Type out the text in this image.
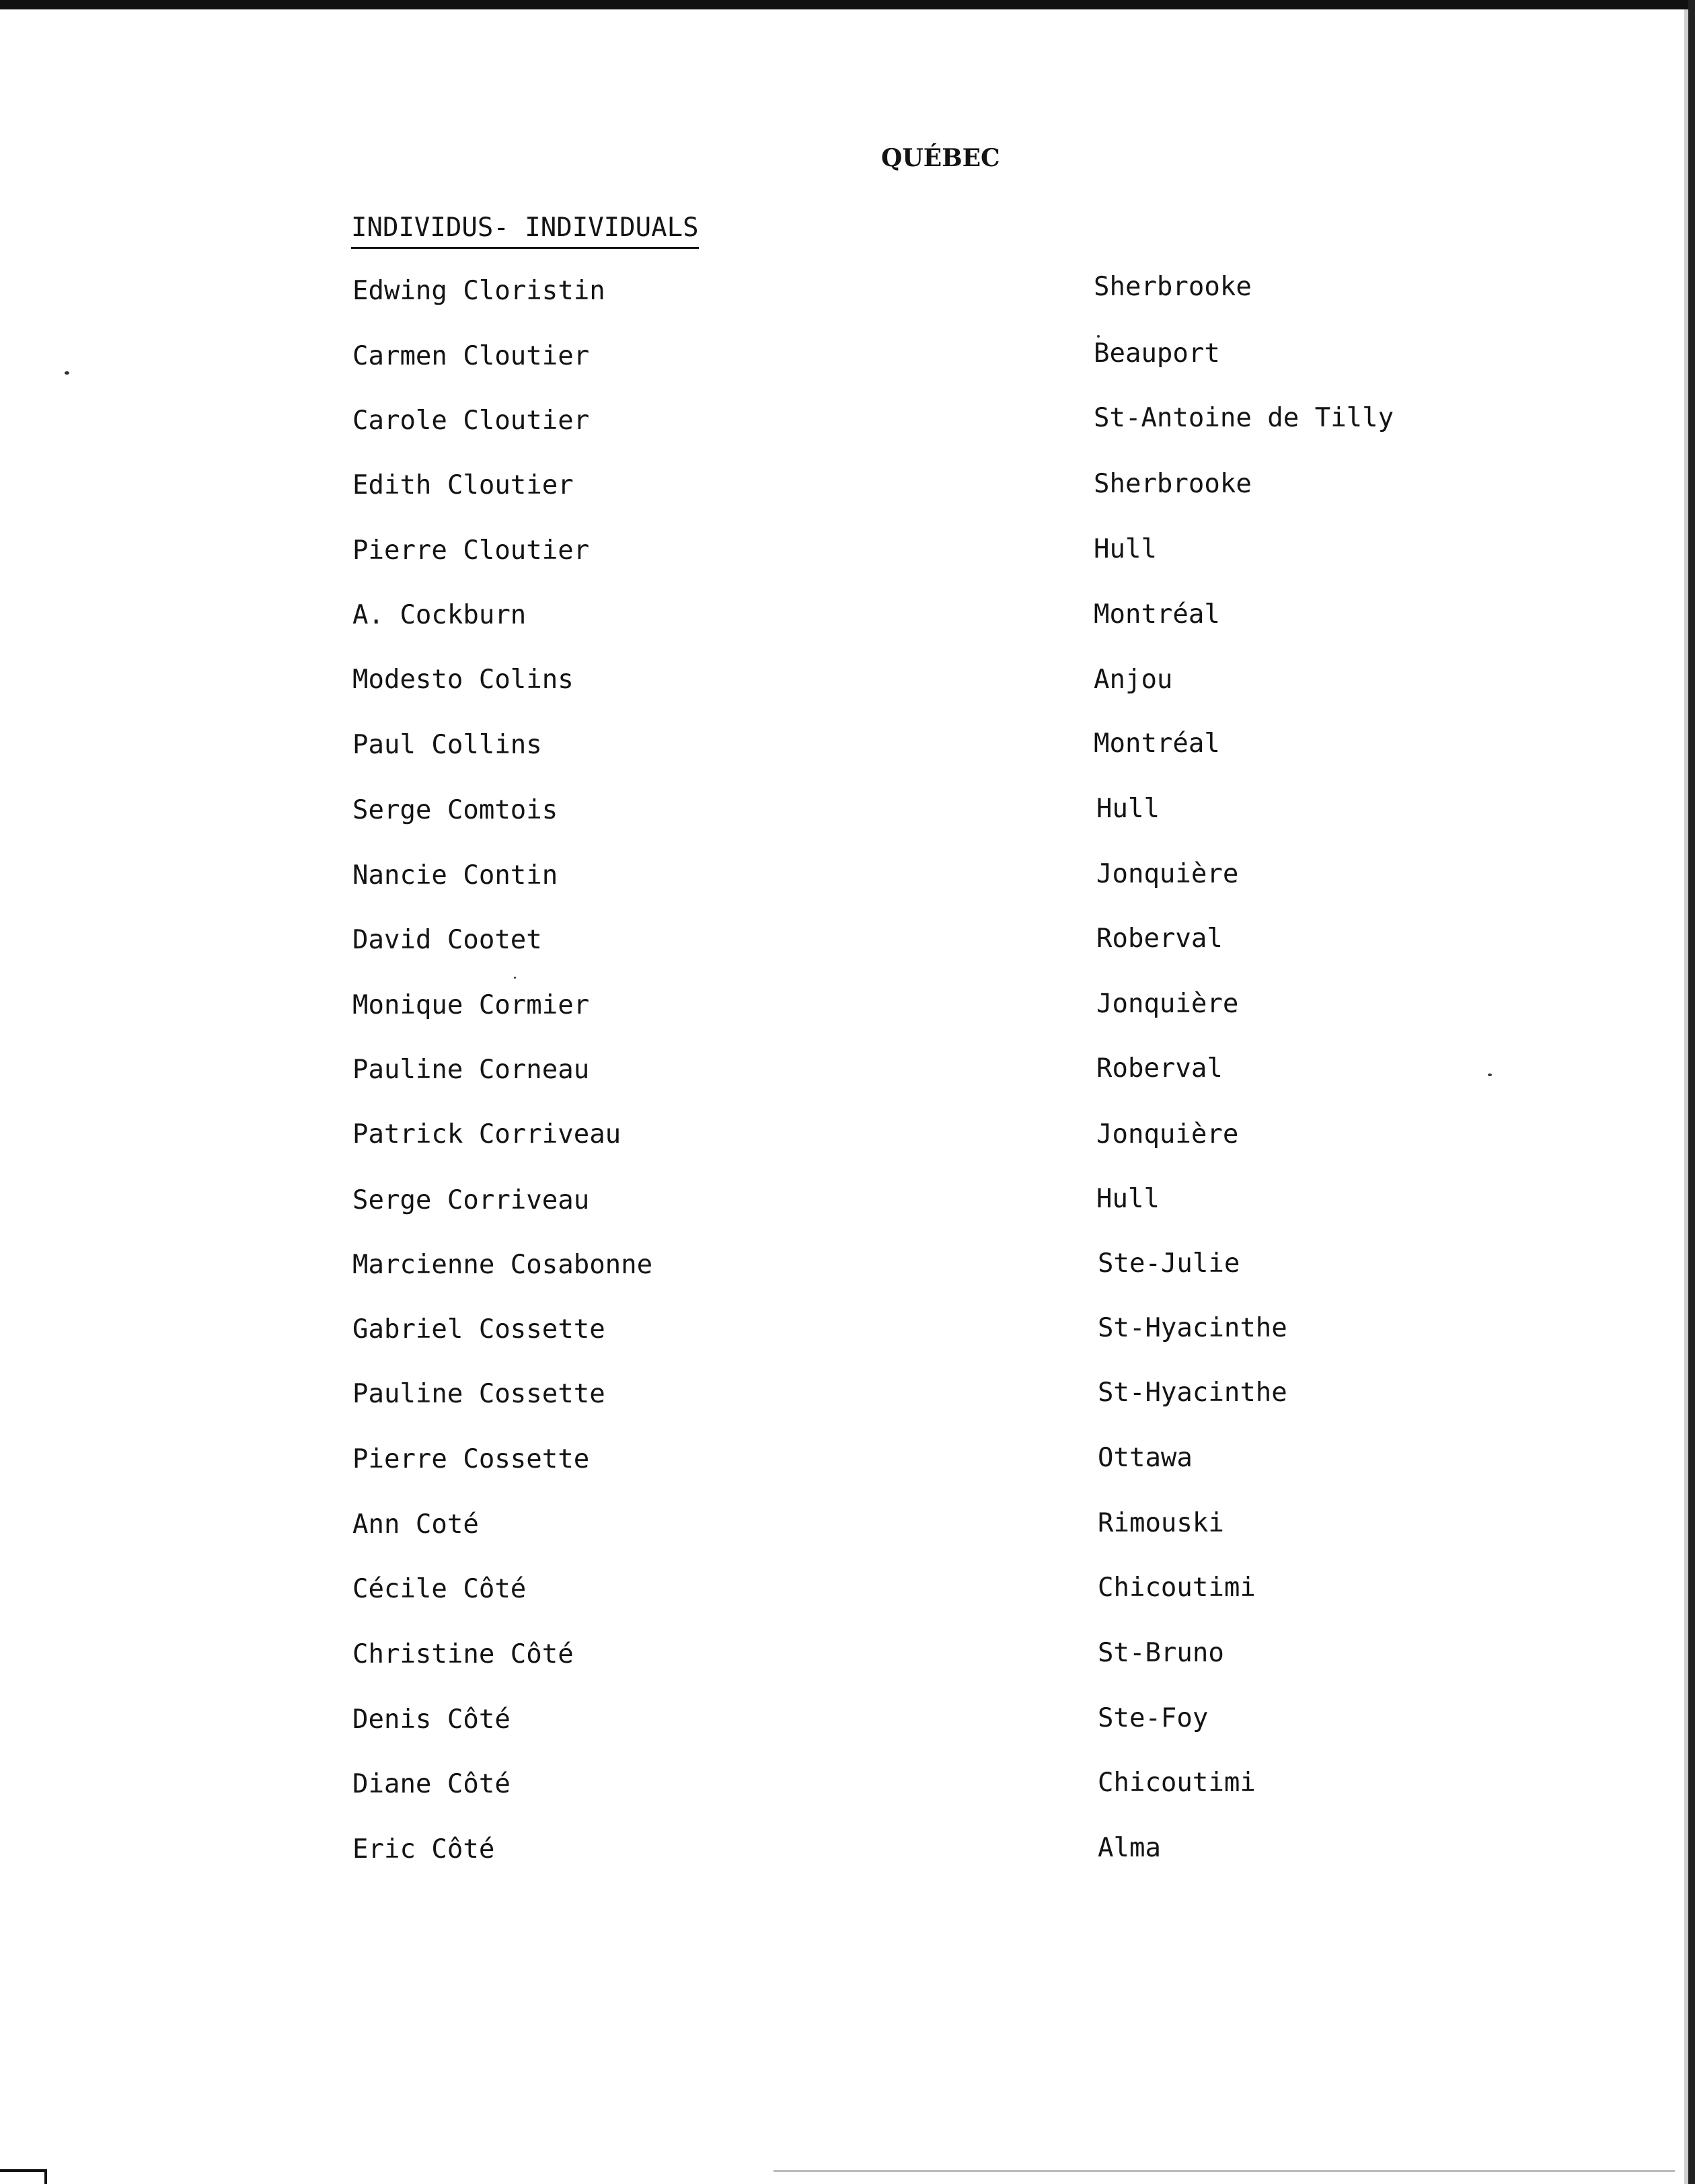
QUÉBEC
INDIVIDUS- INDIVIDUALS
Edwing Cloristin	Sherbrooke
Carmen Cloutier	Beauport
Carole Cloutier	St-Antoine de Tilly
Edith Cloutier	Sherbrooke
Pierre Cloutier	Hull
A. Cockburn	Montréal
Modesto Colins	Anjou
Paul Collins	Montréal
Serge Comtois	Hull
Nancie Contin	Jonquière
David Cootet	Roberval
Monique Cormier	Jonquière
Pauline Corneau	Roberval
Patrick Corriveau	Jonquière
Serge Corriveau	Hull
Marcienne Cosabonne	Ste-Julie
Gabriel Cossette	St-Hyacinthe
Pauline Cossette	St-Hyacinthe
Pierre Cossette	Ottawa
Ann Coté	Rimouski
Cécile Côté	Chicoutimi
Christine Côté	St-Bruno
Denis Côté	Ste-Foy
Diane Côté	Chicoutimi
Eric Côté	Alma
